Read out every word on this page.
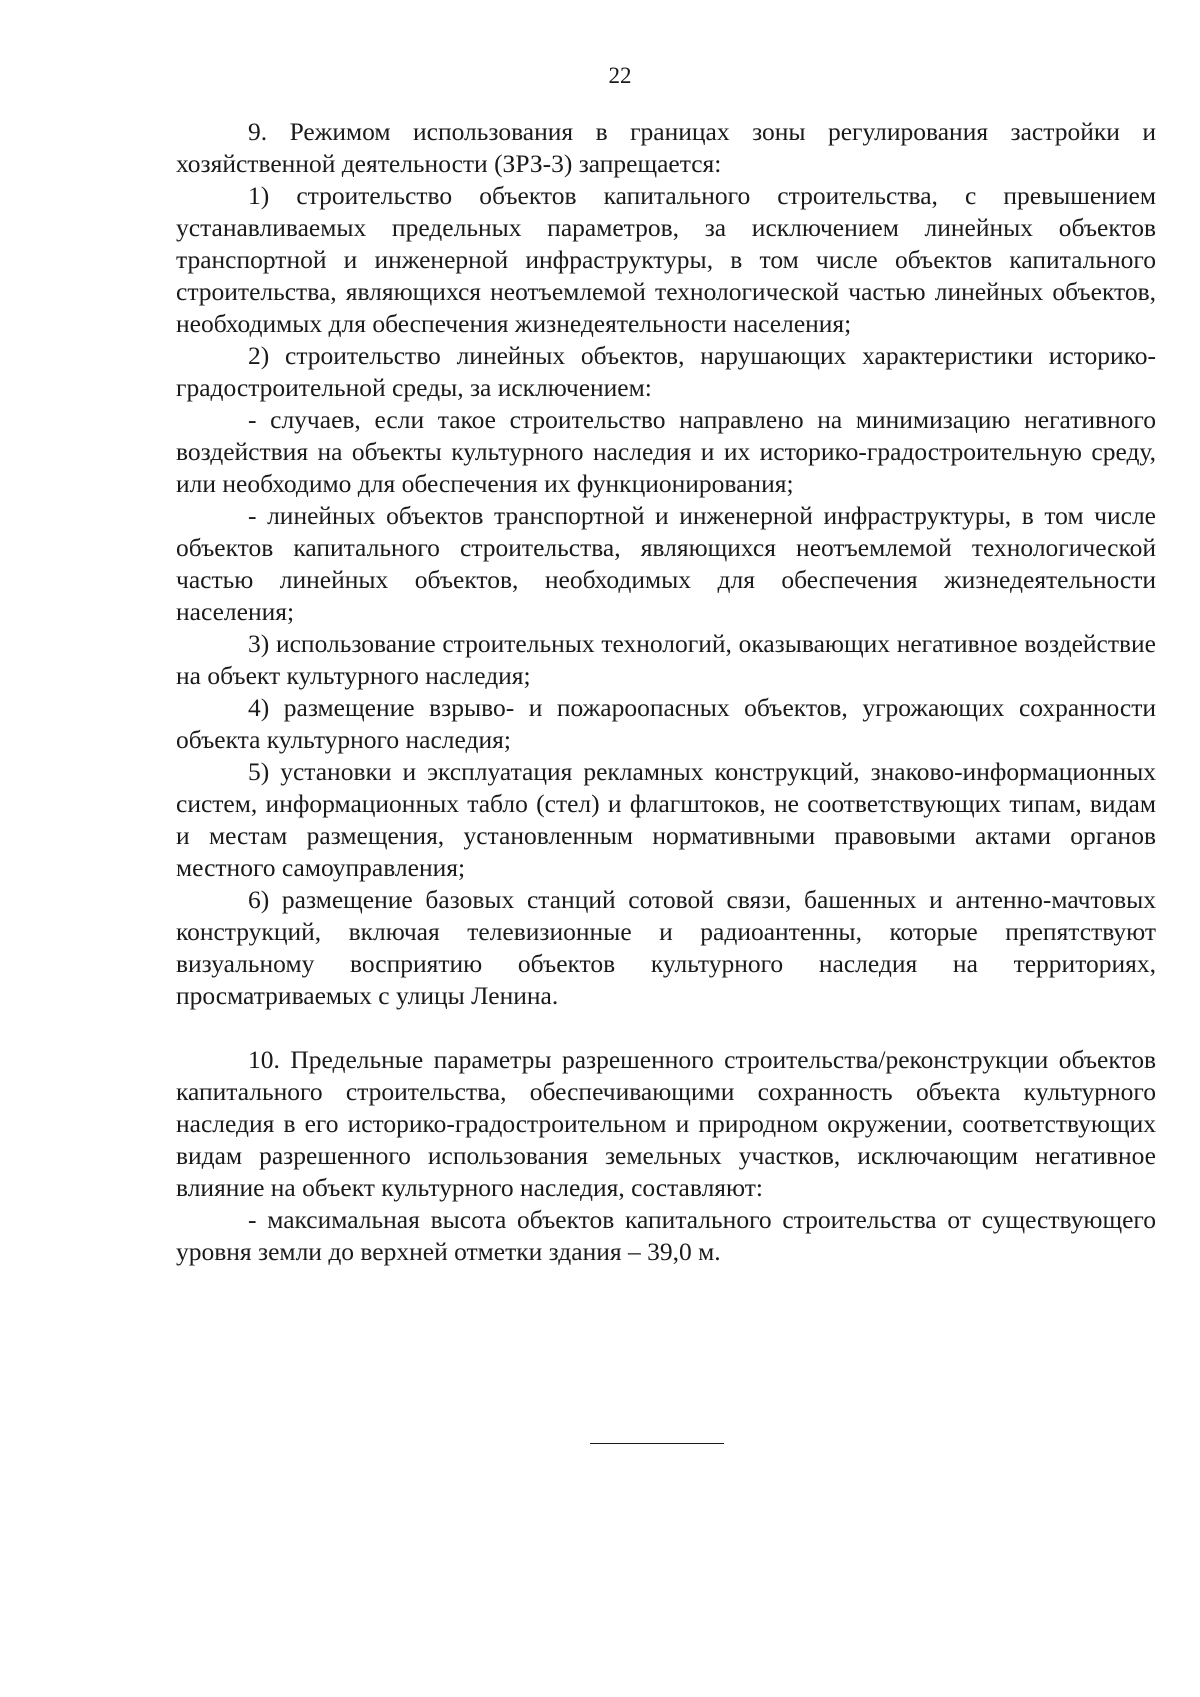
22

9. Режимом использования в границах зоны регулирования застройки и хозяйственной деятельности (ЗРЗ-3) запрещается:

1) строительство объектов капитального строительства, с превышением устанавливаемых предельных параметров, за исключением линейных объектов транспортной и инженерной инфраструктуры, в том числе объектов капитального строительства, являющихся неотъемлемой технологической частью линейных объектов, необходимых для обеспечения жизнедеятельности населения;

2) строительство линейных объектов, нарушающих характеристики историко-градостроительной среды, за исключением:

- случаев, если такое строительство направлено на минимизацию негативного воздействия на объекты культурного наследия и их историко-градостроительную среду, или необходимо для обеспечения их функционирования;

- линейных объектов транспортной и инженерной инфраструктуры, в том числе объектов капитального строительства, являющихся неотъемлемой технологической частью линейных объектов, необходимых для обеспечения жизнедеятельности населения;

3) использование строительных технологий, оказывающих негативное воздействие на объект культурного наследия;

4) размещение взрыво- и пожароопасных объектов, угрожающих сохранности объекта культурного наследия;

5) установки и эксплуатация рекламных конструкций, знаково-информационных систем, информационных табло (стел) и флагштоков, не соответствующих типам, видам и местам размещения, установленным нормативными правовыми актами органов местного самоуправления;

6) размещение базовых станций сотовой связи, башенных и антенно-мачтовых конструкций, включая телевизионные и радиоантенны, которые препятствуют визуальному восприятию объектов культурного наследия на территориях, просматриваемых с улицы Ленина.

10. Предельные параметры разрешенного строительства/реконструкции объектов капитального строительства, обеспечивающими сохранность объекта культурного наследия в его историко-градостроительном и природном окружении, соответствующих видам разрешенного использования земельных участков, исключающим негативное влияние на объект культурного наследия, составляют:

- максимальная высота объектов капитального строительства от существующего уровня земли до верхней отметки здания – 39,0 м.
